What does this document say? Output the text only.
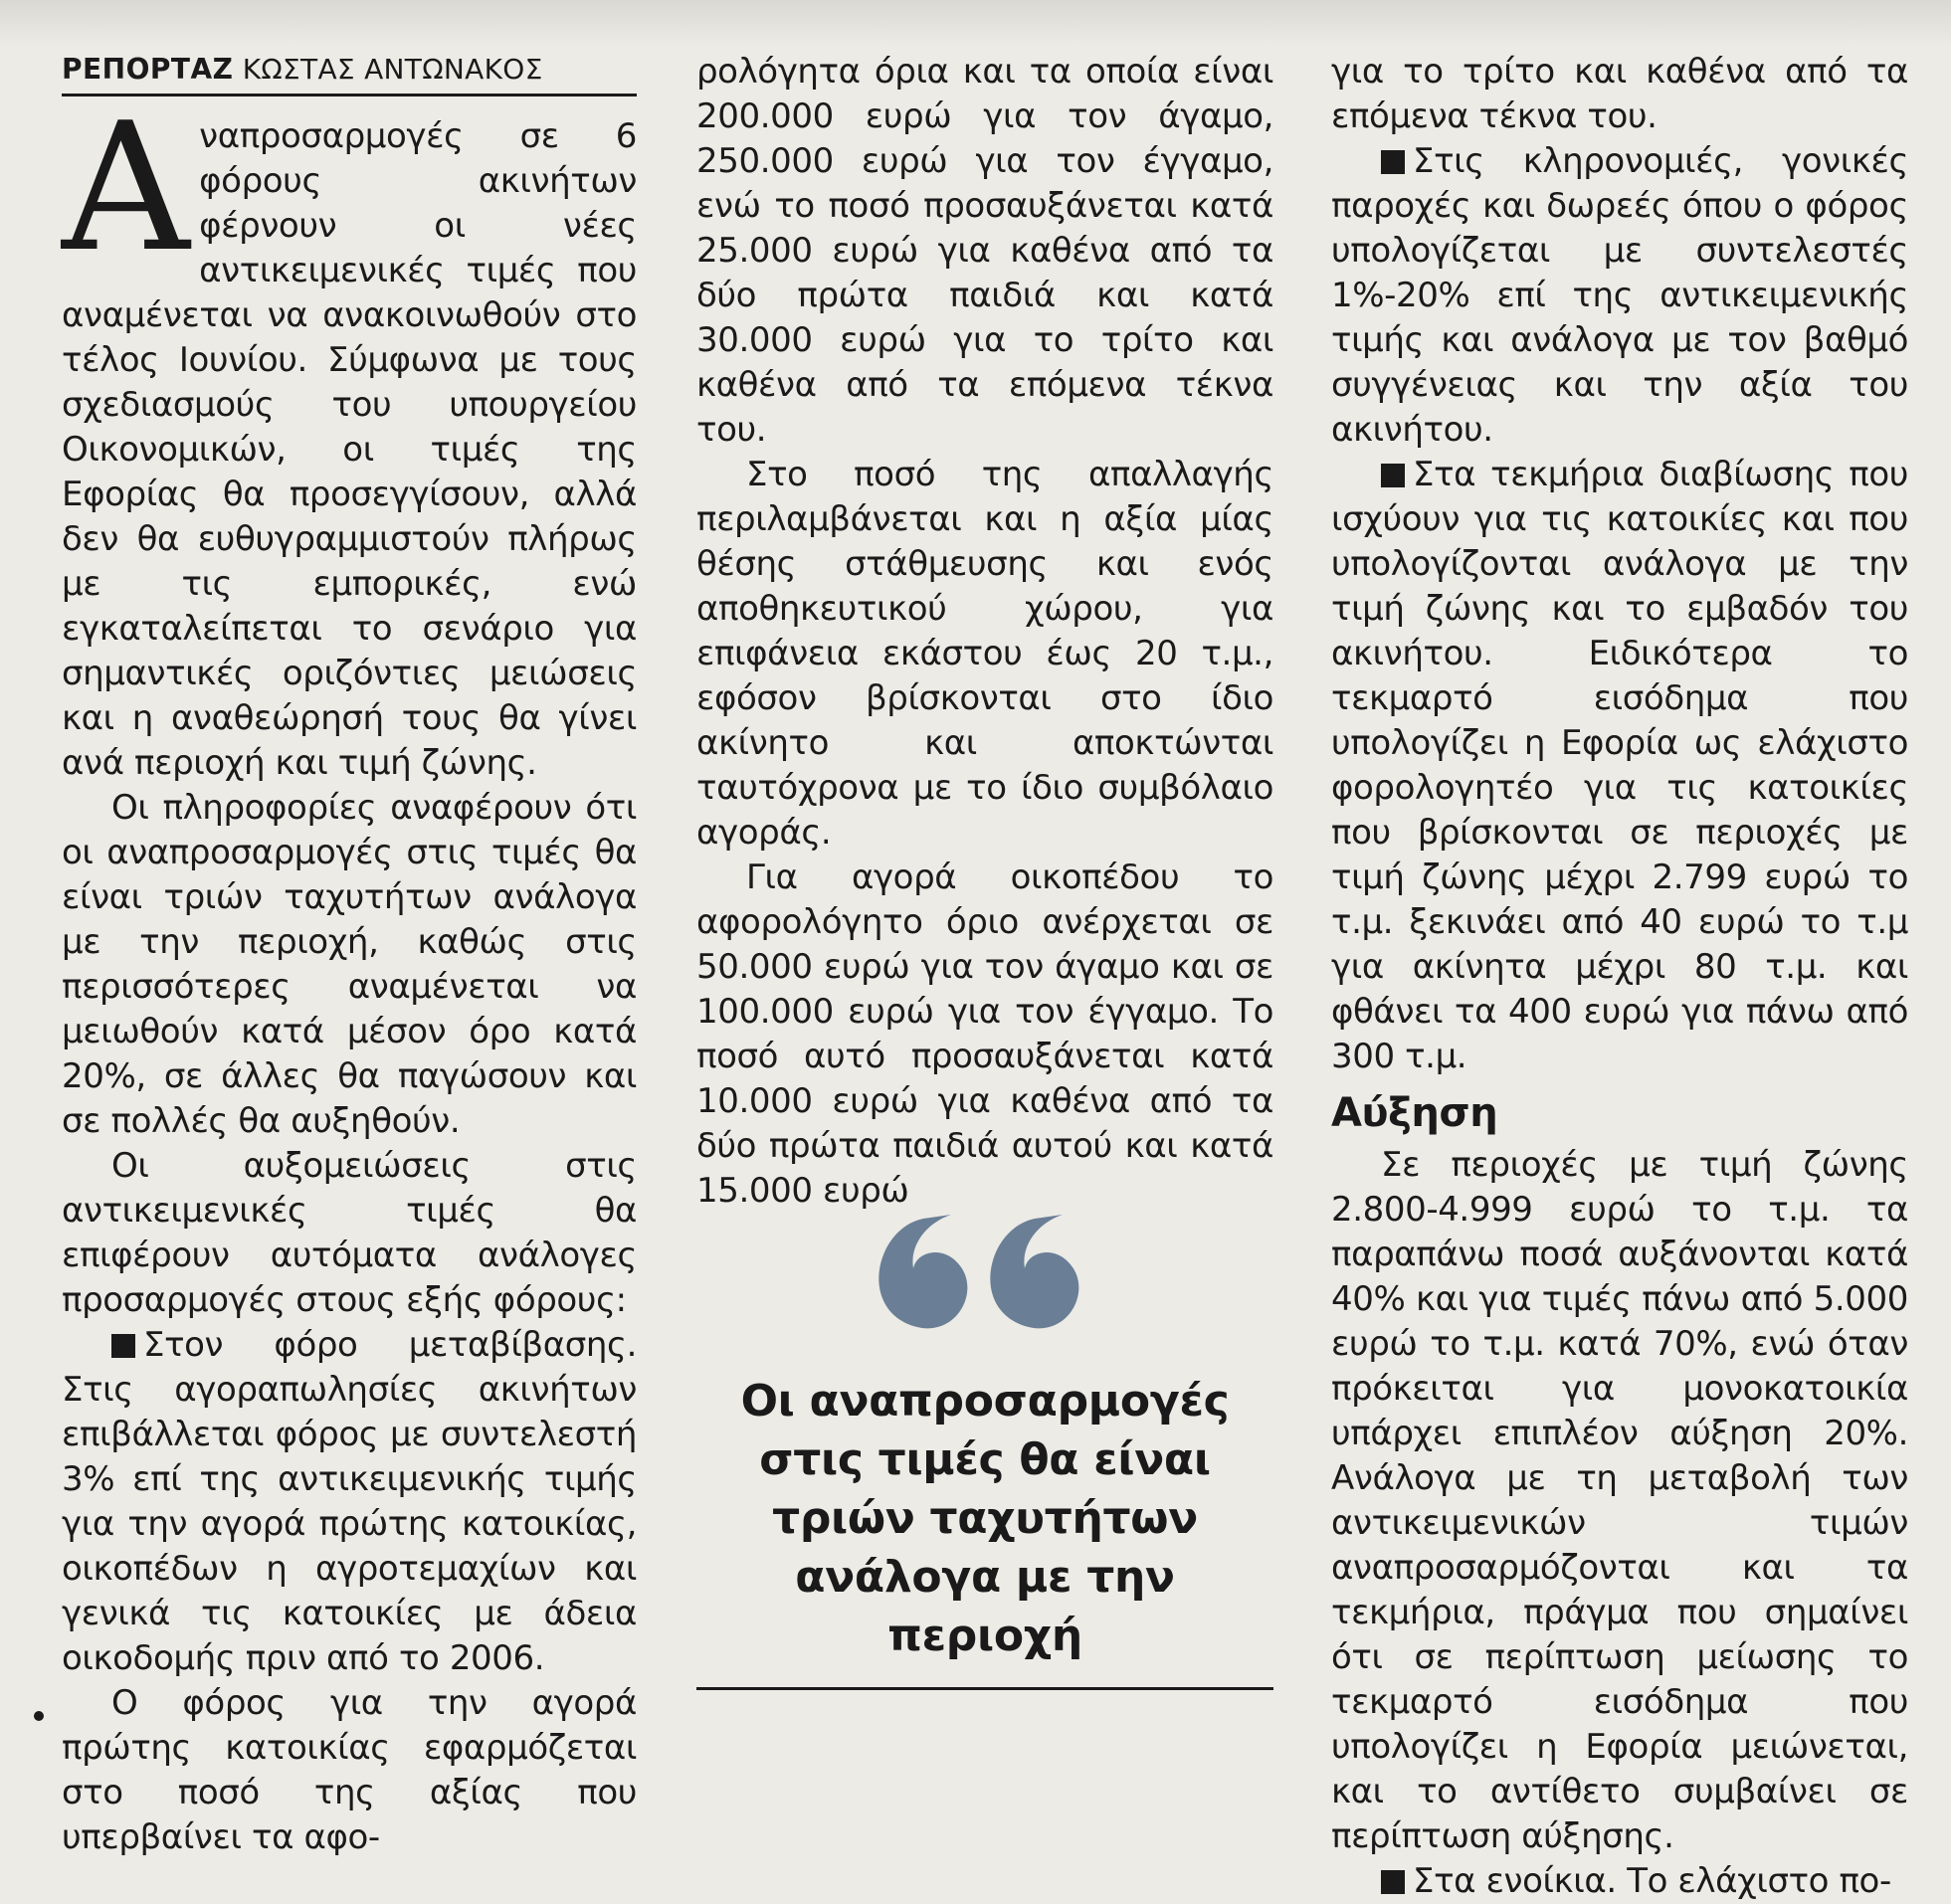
ΡΕΠΟΡΤΑΖ ΚΩΣΤΑΣ ΑΝΤΩΝΑΚΟΣ

Αναπροσαρμογές σε 6 φόρους ακινήτων φέρνουν οι νέες αντικειμενικές τιμές που αναμένεται να ανακοινωθούν στο τέλος Ιουνίου. Σύμφωνα με τους σχεδιασμούς του υπουργείου Οικονομικών, οι τιμές της Εφορίας θα προσεγγίσουν, αλλά δεν θα ευθυγραμμιστούν πλήρως με τις εμπορικές, ενώ εγκαταλείπεται το σενάριο για σημαντικές οριζόντιες μειώσεις και η αναθεώρησή τους θα γίνει ανά περιοχή και τιμή ζώνης.

Οι πληροφορίες αναφέρουν ότι οι αναπροσαρμογές στις τιμές θα είναι τριών ταχυτήτων ανάλογα με την περιοχή, καθώς στις περισσότερες αναμένεται να μειωθούν κατά μέσον όρο κατά 20%, σε άλλες θα παγώσουν και σε πολλές θα αυξηθούν.

Οι αυξομειώσεις στις αντικειμενικές τιμές θα επιφέρουν αυτόματα ανάλογες προσαρμογές στους εξής φόρους:

Στον φόρο μεταβίβασης. Στις αγοραπωλησίες ακινήτων επιβάλλεται φόρος με συντελεστή 3% επί της αντικειμενικής τιμής για την αγορά πρώτης κατοικίας, οικοπέδων η αγροτεμαχίων και γενικά τις κατοικίες με άδεια οικοδομής πριν από το 2006.

Ο φόρος για την αγορά πρώτης κατοικίας εφαρμόζεται στο ποσό της αξίας που υπερβαίνει τα αφο-

ρολόγητα όρια και τα οποία είναι 200.000 ευρώ για τον άγαμο, 250.000 ευρώ για τον έγγαμο, ενώ το ποσό προσαυξάνεται κατά 25.000 ευρώ για καθένα από τα δύο πρώτα παιδιά και κατά 30.000 ευρώ για το τρίτο και καθένα από τα επόμενα τέκνα του.

Στο ποσό της απαλλαγής περιλαμβάνεται και η αξία μίας θέσης στάθμευσης και ενός αποθηκευτικού χώρου, για επιφάνεια εκάστου έως 20 τ.μ., εφόσον βρίσκονται στο ίδιο ακίνητο και αποκτώνται ταυτόχρονα με το ίδιο συμβόλαιο αγοράς.

Για αγορά οικοπέδου το αφορολόγητο όριο ανέρχεται σε 50.000 ευρώ για τον άγαμο και σε 100.000 ευρώ για τον έγγαμο. Το ποσό αυτό προσαυξάνεται κατά 10.000 ευρώ για καθένα από τα δύο πρώτα παιδιά αυτού και κατά 15.000 ευρώ

Οι αναπροσαρμογές στις τιμές θα είναι τριών ταχυτήτων ανάλογα με την περιοχή

για το τρίτο και καθένα από τα επόμενα τέκνα του.

Στις κληρονομιές, γονικές παροχές και δωρεές όπου ο φόρος υπολογίζεται με συντελεστές 1%-20% επί της αντικειμενικής τιμής και ανάλογα με τον βαθμό συγγένειας και την αξία του ακινήτου.

Στα τεκμήρια διαβίωσης που ισχύουν για τις κατοικίες και που υπολογίζονται ανάλογα με την τιμή ζώνης και το εμβαδόν του ακινήτου. Ειδικότερα το τεκμαρτό εισόδημα που υπολογίζει η Εφορία ως ελάχιστο φορολογητέο για τις κατοικίες που βρίσκονται σε περιοχές με τιμή ζώνης μέχρι 2.799 ευρώ το τ.μ. ξεκινάει από 40 ευρώ το τ.μ για ακίνητα μέχρι 80 τ.μ. και φθάνει τα 400 ευρώ για πάνω από 300 τ.μ.

Αύξηση

Σε περιοχές με τιμή ζώνης 2.800-4.999 ευρώ το τ.μ. τα παραπάνω ποσά αυξάνονται κατά 40% και για τιμές πάνω από 5.000 ευρώ το τ.μ. κατά 70%, ενώ όταν πρόκειται για μονοκατοικία υπάρχει επιπλέον αύξηση 20%. Ανάλογα με τη μεταβολή των αντικειμενικών τιμών αναπροσαρμόζονται και τα τεκμήρια, πράγμα που σημαίνει ότι σε περίπτωση μείωσης το τεκμαρτό εισόδημα που υπολογίζει η Εφορία μειώνεται, και το αντίθετο συμβαίνει σε περίπτωση αύξησης.

Στα ενοίκια. Το ελάχιστο πο-
